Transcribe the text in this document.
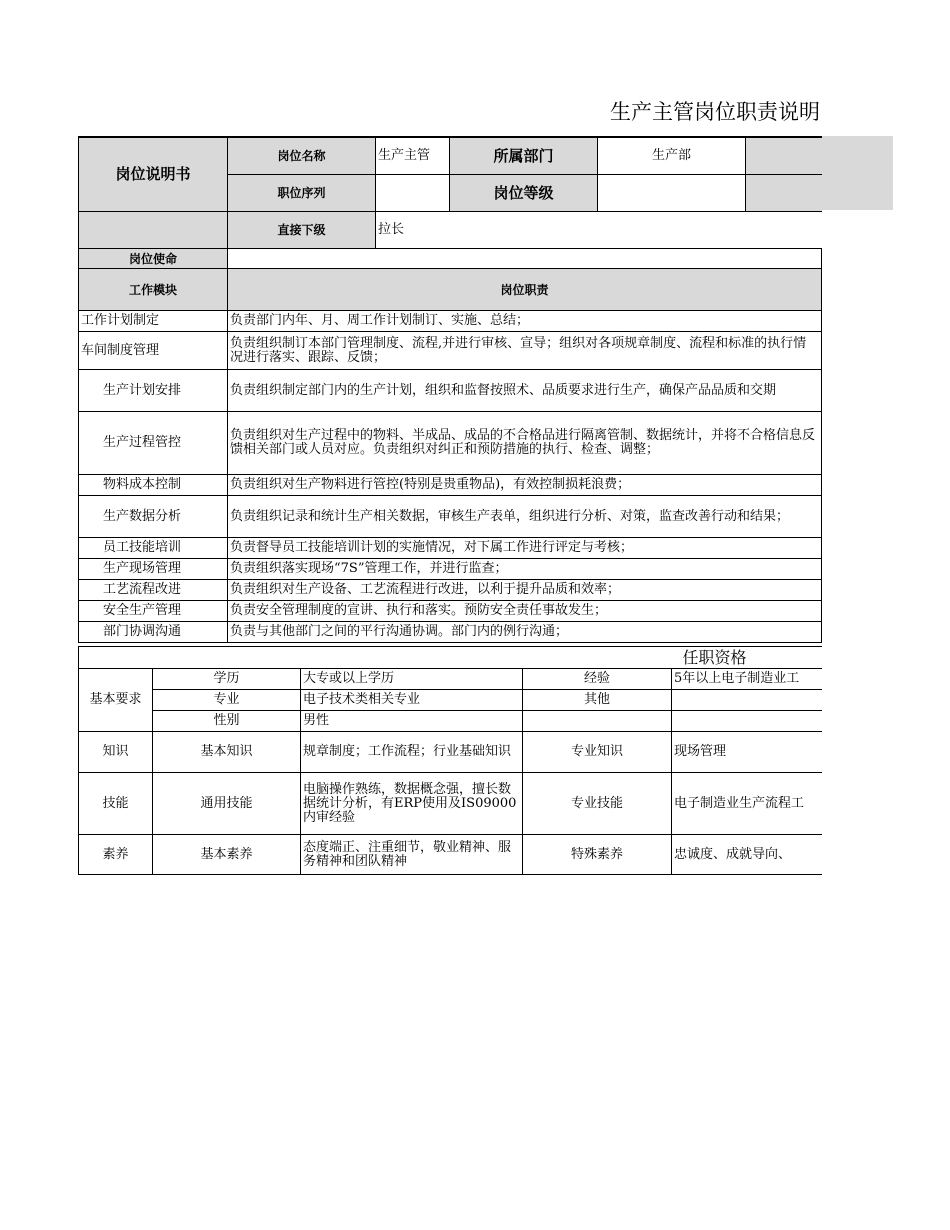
生产主管岗位职责说明
岗位说明书	岗位名称	生产主管	所属部门	生产部	
	职位序列		岗位等级		
	直接下级	拉长			
岗位使命	
工作模块	岗位职责
工作计划制定	负责部门内年、月、周工作计划制订、实施、总结；
车间制度管理	负责组织制订本部门管理制度、流程,并进行审核、宣导；组织对各项规章制度、流程和标准的执行情况进行落实、跟踪、反馈；
生产计划安排	负责组织制定部门内的生产计划，组织和监督按照术、品质要求进行生产，确保产品品质和交期
生产过程管控	负责组织对生产过程中的物料、半成品、成品的不合格品进行隔离管制、数据统计，并将不合格信息反馈相关部门或人员对应。负责组织对纠正和预防措施的执行、检查、调整；
物料成本控制	负责组织对生产物料进行管控(特别是贵重物品)，有效控制损耗浪费；
生产数据分析	负责组织记录和统计生产相关数据，审核生产表单，组织进行分析、对策，监查改善行动和结果；
员工技能培训	负责督导员工技能培训计划的实施情况，对下属工作进行评定与考核；
生产现场管理	负责组织落实现场“7S”管理工作，并进行监查；
工艺流程改进	负责组织对生产设备、工艺流程进行改进，以利于提升品质和效率；
安全生产管理	负责安全管理制度的宣讲、执行和落实。预防安全责任事故发生；
部门协调沟通	负责与其他部门之间的平行沟通协调。部门内的例行沟通；
任职资格				
基本要求	学历	大专或以上学历	经验	5年以上电子制造业工
	专业	电子技术类相关专业	其他	
	性别	男性		
知识	基本知识	规章制度；工作流程；行业基础知识	专业知识	现场管理
技能	通用技能	电脑操作熟练，数据概念强，擅长数据统计分析，有ERP使用及IS09000内审经验	专业技能	电子制造业生产流程工
素养	基本素养	态度端正、注重细节，敬业精神、服务精神和团队精神	特殊素养	忠诚度、成就导向、
